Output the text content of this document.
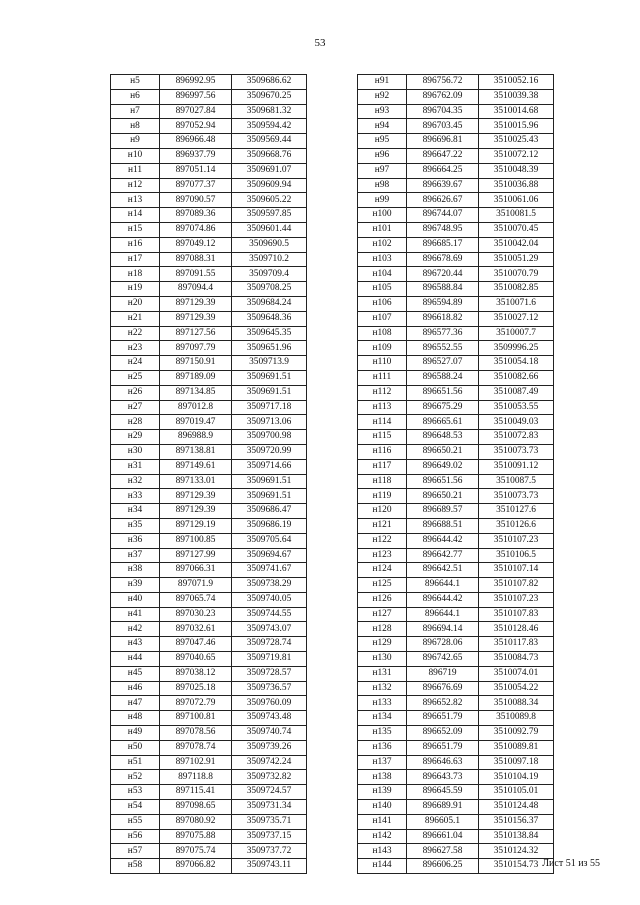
53
н5	896992.95	3509686.62
н6	896997.56	3509670.25
н7	897027.84	3509681.32
н8	897052.94	3509594.42
н9	896966.48	3509569.44
н10	896937.79	3509668.76
н11	897051.14	3509691.07
н12	897077.37	3509609.94
н13	897090.57	3509605.22
н14	897089.36	3509597.85
н15	897074.86	3509601.44
н16	897049.12	3509690.5
н17	897088.31	3509710.2
н18	897091.55	3509709.4
н19	897094.4	3509708.25
н20	897129.39	3509684.24
н21	897129.39	3509648.36
н22	897127.56	3509645.35
н23	897097.79	3509651.96
н24	897150.91	3509713.9
н25	897189.09	3509691.51
н26	897134.85	3509691.51
н27	897012.8	3509717.18
н28	897019.47	3509713.06
н29	896988.9	3509700.98
н30	897138.81	3509720.99
н31	897149.61	3509714.66
н32	897133.01	3509691.51
н33	897129.39	3509691.51
н34	897129.39	3509686.47
н35	897129.19	3509686.19
н36	897100.85	3509705.64
н37	897127.99	3509694.67
н38	897066.31	3509741.67
н39	897071.9	3509738.29
н40	897065.74	3509740.05
н41	897030.23	3509744.55
н42	897032.61	3509743.07
н43	897047.46	3509728.74
н44	897040.65	3509719.81
н45	897038.12	3509728.57
н46	897025.18	3509736.57
н47	897072.79	3509760.09
н48	897100.81	3509743.48
н49	897078.56	3509740.74
н50	897078.74	3509739.26
н51	897102.91	3509742.24
н52	897118.8	3509732.82
н53	897115.41	3509724.57
н54	897098.65	3509731.34
н55	897080.92	3509735.71
н56	897075.88	3509737.15
н57	897075.74	3509737.72
н58	897066.82	3509743.11
н91	896756.72	3510052.16
н92	896762.09	3510039.38
н93	896704.35	3510014.68
н94	896703.45	3510015.96
н95	896696.81	3510025.43
н96	896647.22	3510072.12
н97	896664.25	3510048.39
н98	896639.67	3510036.88
н99	896626.67	3510061.06
н100	896744.07	3510081.5
н101	896748.95	3510070.45
н102	896685.17	3510042.04
н103	896678.69	3510051.29
н104	896720.44	3510070.79
н105	896588.84	3510082.85
н106	896594.89	3510071.6
н107	896618.82	3510027.12
н108	896577.36	3510007.7
н109	896552.55	3509996.25
н110	896527.07	3510054.18
н111	896588.24	3510082.66
н112	896651.56	3510087.49
н113	896675.29	3510053.55
н114	896665.61	3510049.03
н115	896648.53	3510072.83
н116	896650.21	3510073.73
н117	896649.02	3510091.12
н118	896651.56	3510087.5
н119	896650.21	3510073.73
н120	896689.57	3510127.6
н121	896688.51	3510126.6
н122	896644.42	3510107.23
н123	896642.77	3510106.5
н124	896642.51	3510107.14
н125	896644.1	3510107.82
н126	896644.42	3510107.23
н127	896644.1	3510107.83
н128	896694.14	3510128.46
н129	896728.06	3510117.83
н130	896742.65	3510084.73
н131	896719	3510074.01
н132	896676.69	3510054.22
н133	896652.82	3510088.34
н134	896651.79	3510089.8
н135	896652.09	3510092.79
н136	896651.79	3510089.81
н137	896646.63	3510097.18
н138	896643.73	3510104.19
н139	896645.59	3510105.01
н140	896689.91	3510124.48
н141	896605.1	3510156.37
н142	896661.04	3510138.84
н143	896627.58	3510124.32
н144	896606.25	3510154.73 Лист 51 из 55
